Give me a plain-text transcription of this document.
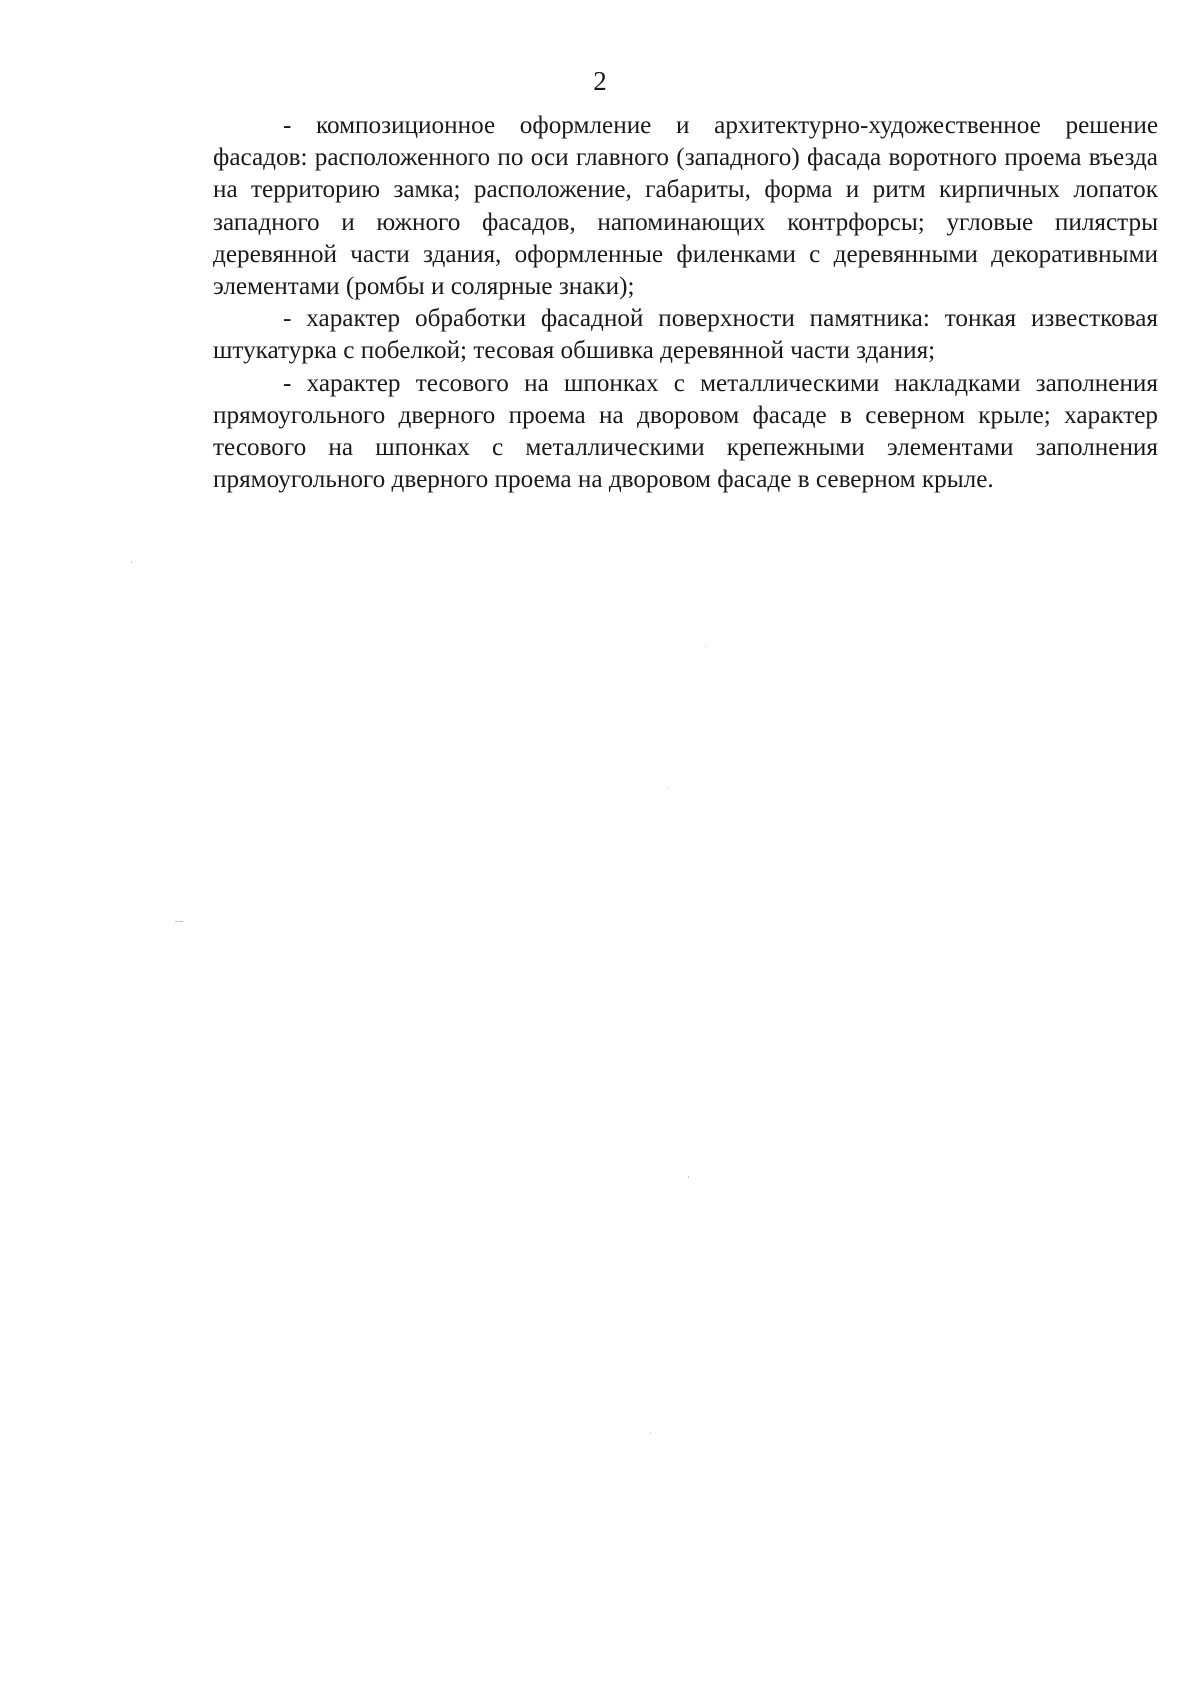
2

- композиционное оформление и архитектурно-художественное решение фасадов: расположенного по оси главного (западного) фасада воротного проема въезда на территорию замка; расположение, габариты, форма и ритм кирпичных лопаток западного и южного фасадов, напоминающих контрфорсы; угловые пилястры деревянной части здания, оформленные филенками с деревянными декоративными элементами (ромбы и солярные знаки);

- характер обработки фасадной поверхности памятника: тонкая известковая штукатурка с побелкой; тесовая обшивка деревянной части здания;

- характер тесового на шпонках с металлическими накладками заполнения прямоугольного дверного проема на дворовом фасаде в северном крыле; характер тесового на шпонках с металлическими крепежными элементами заполнения прямоугольного дверного проема на дворовом фасаде в северном крыле.
